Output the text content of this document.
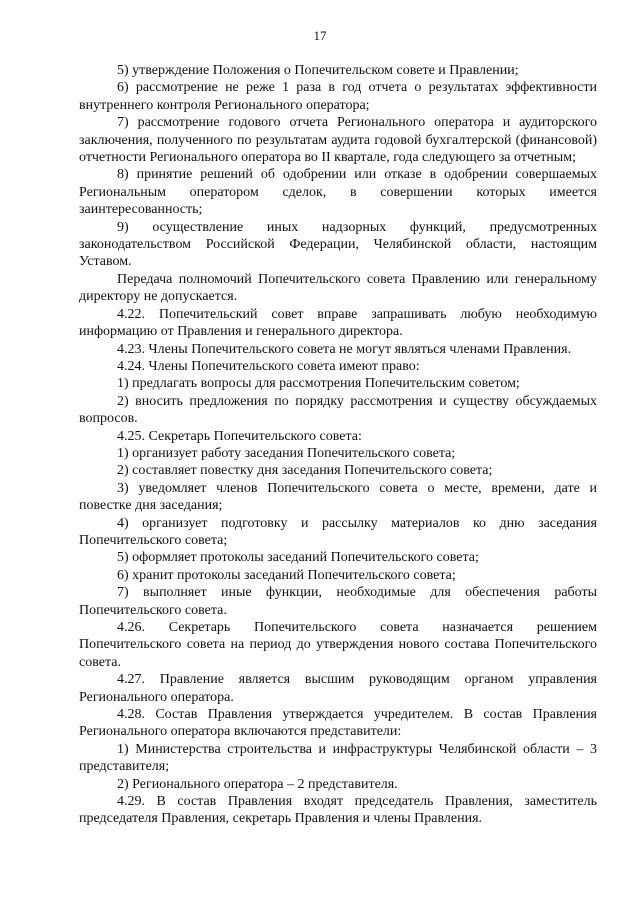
17

5) утверждение Положения о Попечительском совете и Правлении;

6) рассмотрение не реже 1 раза в год отчета о результатах эффективности внутреннего контроля Регионального оператора;

7) рассмотрение годового отчета Регионального оператора и аудиторского заключения, полученного по результатам аудита годовой бухгалтерской (финансовой) отчетности Регионального оператора во II квартале, года следующего за отчетным;

8) принятие решений об одобрении или отказе в одобрении совершаемых Региональным оператором сделок, в совершении которых имеется заинтересованность;

9) осуществление иных надзорных функций, предусмотренных законодательством Российской Федерации, Челябинской области, настоящим Уставом.

Передача полномочий Попечительского совета Правлению или генеральному директору не допускается.

4.22. Попечительский совет вправе запрашивать любую необходимую информацию от Правления и генерального директора.

4.23. Члены Попечительского совета не могут являться членами Правления.

4.24. Члены Попечительского совета имеют право:

1) предлагать вопросы для рассмотрения Попечительским советом;

2) вносить предложения по порядку рассмотрения и существу обсуждаемых вопросов.

4.25. Секретарь Попечительского совета:

1) организует работу заседания Попечительского совета;

2) составляет повестку дня заседания Попечительского совета;

3) уведомляет членов Попечительского совета о месте, времени, дате и повестке дня заседания;

4) организует подготовку и рассылку материалов ко дню заседания Попечительского совета;

5) оформляет протоколы заседаний Попечительского совета;

6) хранит протоколы заседаний Попечительского совета;

7) выполняет иные функции, необходимые для обеспечения работы Попечительского совета.

4.26. Секретарь Попечительского совета назначается решением Попечительского совета на период до утверждения нового состава Попечительского совета.

4.27. Правление является высшим руководящим органом управления Регионального оператора.

4.28. Состав Правления утверждается учредителем. В состав Правления Регионального оператора включаются представители:

1) Министерства строительства и инфраструктуры Челябинской области – 3 представителя;

2) Регионального оператора – 2 представителя.

4.29. В состав Правления входят председатель Правления, заместитель председателя Правления, секретарь Правления и члены Правления.
